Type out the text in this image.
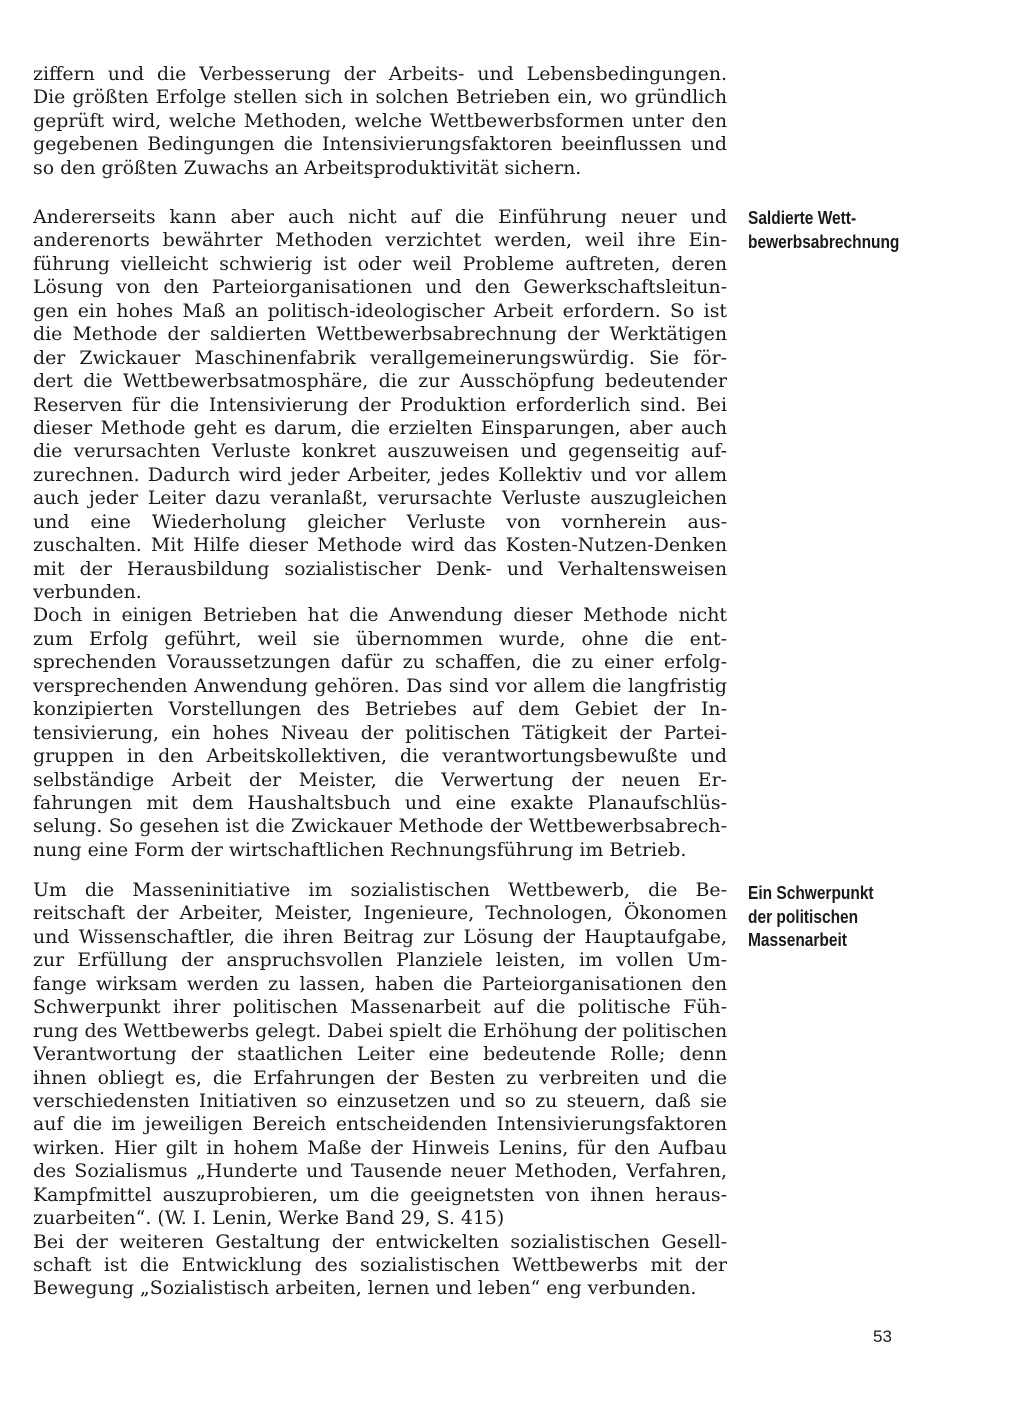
ziffern und die Verbesserung der Arbeits- und Lebensbedingungen.
Die größten Erfolge stellen sich in solchen Betrieben ein, wo gründlich
geprüft wird, welche Methoden, welche Wettbewerbsformen unter den
gegebenen Bedingungen die Intensivierungsfaktoren beeinflussen und
so den größten Zuwachs an Arbeitsproduktivität sichern.
Saldierte Wett-
bewerbsabrechnung
Andererseits kann aber auch nicht auf die Einführung neuer und
anderenorts bewährter Methoden verzichtet werden, weil ihre Ein-
führung vielleicht schwierig ist oder weil Probleme auftreten, deren
Lösung von den Parteiorganisationen und den Gewerkschaftsleitun-
gen ein hohes Maß an politisch-ideologischer Arbeit erfordern. So ist
die Methode der saldierten Wettbewerbsabrechnung der Werktätigen
der Zwickauer Maschinenfabrik verallgemeinerungswürdig. Sie för-
dert die Wettbewerbsatmosphäre, die zur Ausschöpfung bedeutender
Reserven für die Intensivierung der Produktion erforderlich sind. Bei
dieser Methode geht es darum, die erzielten Einsparungen, aber auch
die verursachten Verluste konkret auszuweisen und gegenseitig auf-
zurechnen. Dadurch wird jeder Arbeiter, jedes Kollektiv und vor allem
auch jeder Leiter dazu veranlaßt, verursachte Verluste auszugleichen
und eine Wiederholung gleicher Verluste von vornherein aus-
zuschalten. Mit Hilfe dieser Methode wird das Kosten-Nutzen-Denken
mit der Herausbildung sozialistischer Denk- und Verhaltensweisen
verbunden.
Doch in einigen Betrieben hat die Anwendung dieser Methode nicht
zum Erfolg geführt, weil sie übernommen wurde, ohne die ent-
sprechenden Voraussetzungen dafür zu schaffen, die zu einer erfolg-
versprechenden Anwendung gehören. Das sind vor allem die langfristig
konzipierten Vorstellungen des Betriebes auf dem Gebiet der In-
tensivierung, ein hohes Niveau der politischen Tätigkeit der Partei-
gruppen in den Arbeitskollektiven, die verantwortungsbewußte und
selbständige Arbeit der Meister, die Verwertung der neuen Er-
fahrungen mit dem Haushaltsbuch und eine exakte Planaufschlüs-
selung. So gesehen ist die Zwickauer Methode der Wettbewerbsabrech-
nung eine Form der wirtschaftlichen Rechnungsführung im Betrieb.
Ein Schwerpunkt
der politischen
Massenarbeit
Um die Masseninitiative im sozialistischen Wettbewerb, die Be-
reitschaft der Arbeiter, Meister, Ingenieure, Technologen, Ökonomen
und Wissenschaftler, die ihren Beitrag zur Lösung der Hauptaufgabe,
zur Erfüllung der anspruchsvollen Planziele leisten, im vollen Um-
fange wirksam werden zu lassen, haben die Parteiorganisationen den
Schwerpunkt ihrer politischen Massenarbeit auf die politische Füh-
rung des Wettbewerbs gelegt. Dabei spielt die Erhöhung der politischen
Verantwortung der staatlichen Leiter eine bedeutende Rolle; denn
ihnen obliegt es, die Erfahrungen der Besten zu verbreiten und die
verschiedensten Initiativen so einzusetzen und so zu steuern, daß sie
auf die im jeweiligen Bereich entscheidenden Intensivierungsfaktoren
wirken. Hier gilt in hohem Maße der Hinweis Lenins, für den Aufbau
des Sozialismus „Hunderte und Tausende neuer Methoden, Verfahren,
Kampfmittel auszuprobieren, um die geeignetsten von ihnen heraus-
zuarbeiten“. (W. I. Lenin, Werke Band 29, S. 415)
Bei der weiteren Gestaltung der entwickelten sozialistischen Gesell-
schaft ist die Entwicklung des sozialistischen Wettbewerbs mit der
Bewegung „Sozialistisch arbeiten, lernen und leben“ eng verbunden.
53
